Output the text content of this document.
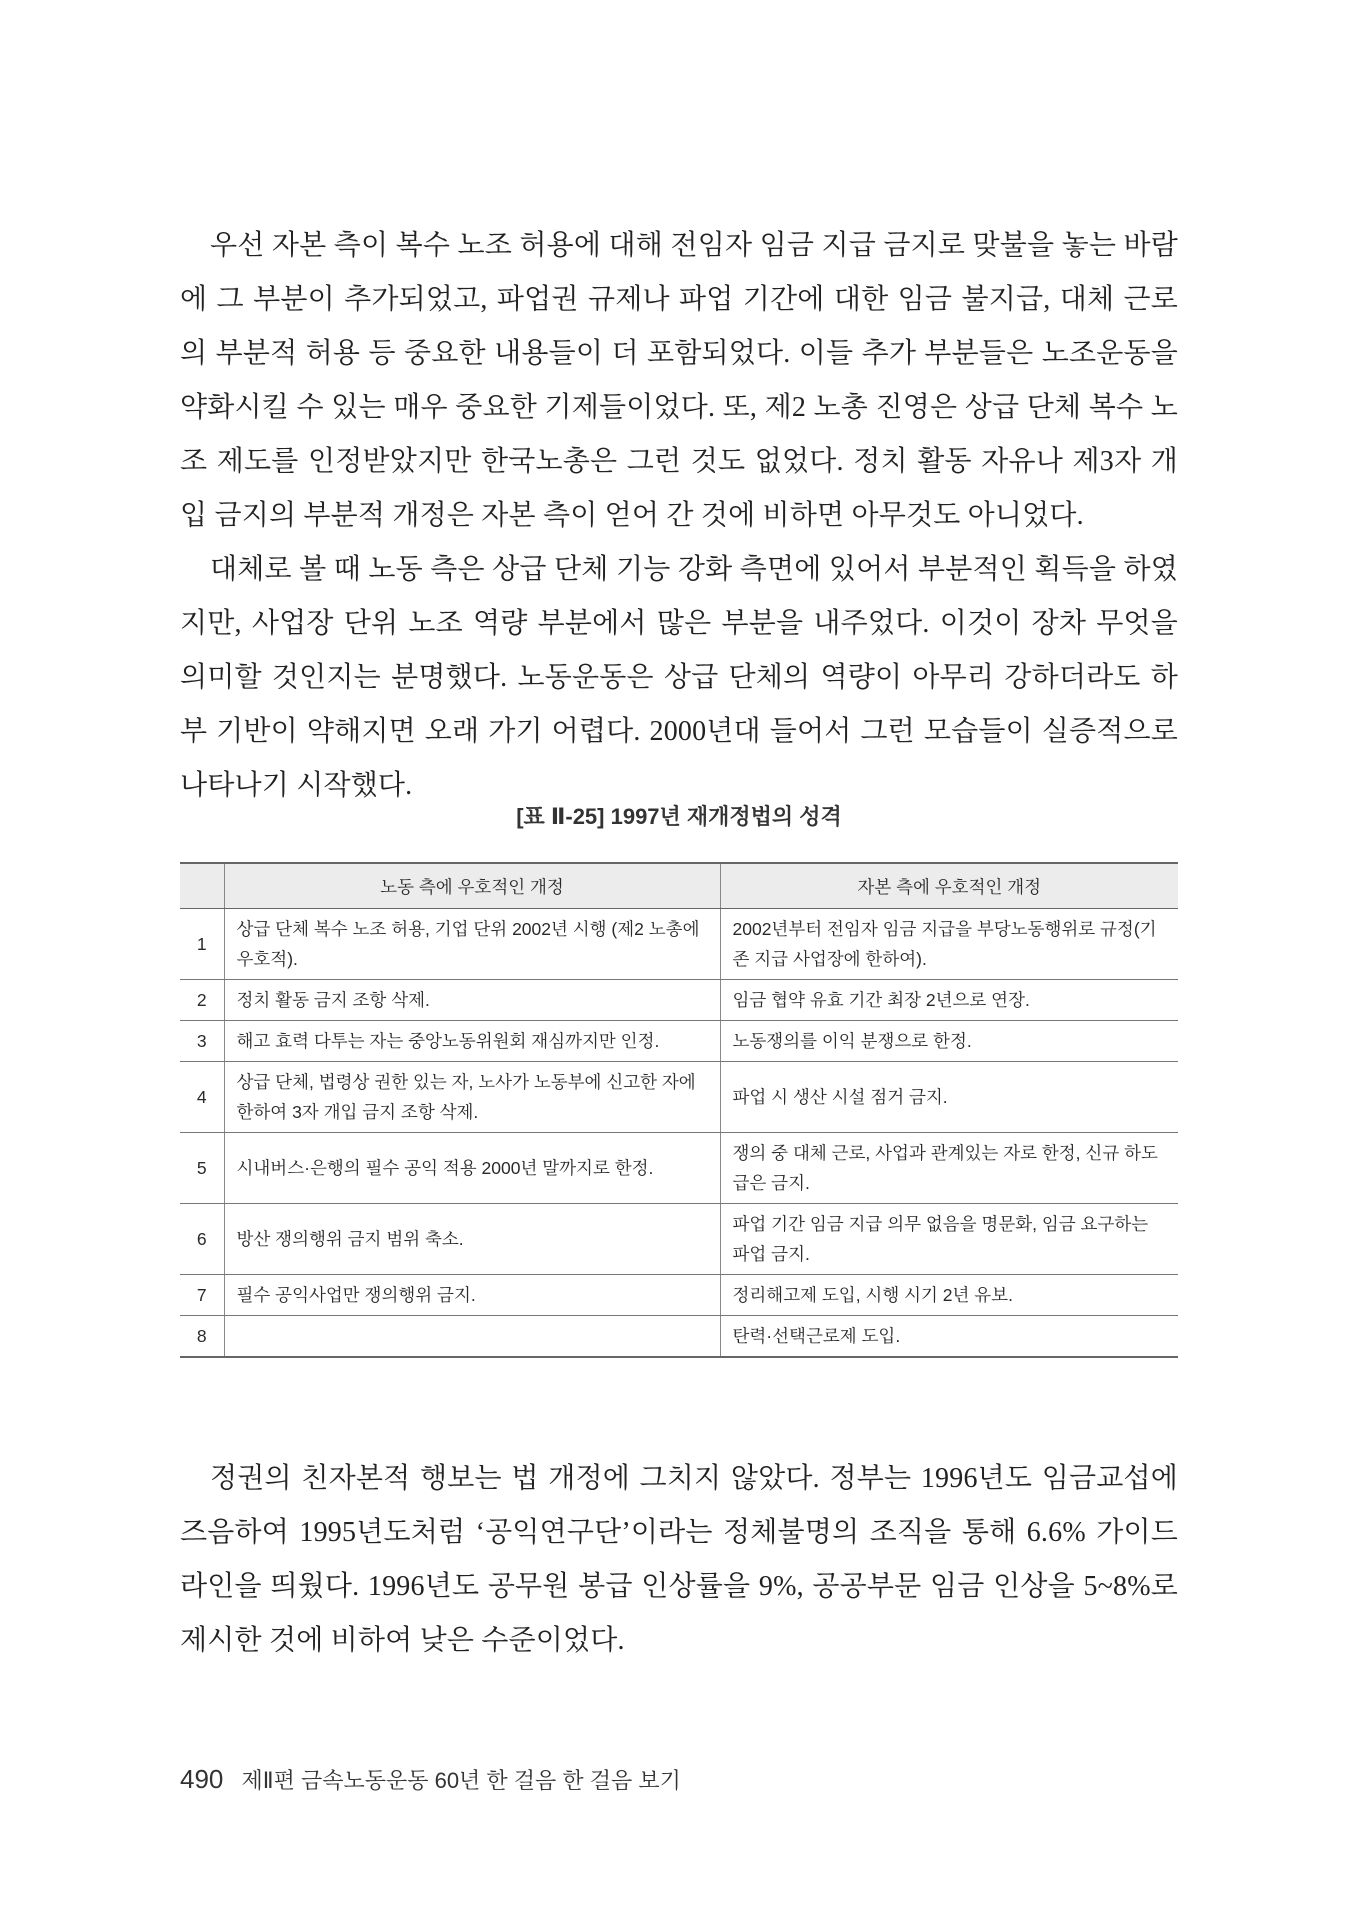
우선 자본 측이 복수 노조 허용에 대해 전임자 임금 지급 금지로 맞불을 놓는 바람에 그 부분이 추가되었고, 파업권 규제나 파업 기간에 대한 임금 불지급, 대체 근로의 부분적 허용 등 중요한 내용들이 더 포함되었다. 이들 추가 부분들은 노조운동을 약화시킬 수 있는 매우 중요한 기제들이었다. 또, 제2 노총 진영은 상급 단체 복수 노조 제도를 인정받았지만 한국노총은 그런 것도 없었다. 정치 활동 자유나 제3자 개입 금지의 부분적 개정은 자본 측이 얻어 간 것에 비하면 아무것도 아니었다.

대체로 볼 때 노동 측은 상급 단체 기능 강화 측면에 있어서 부분적인 획득을 하였지만, 사업장 단위 노조 역량 부분에서 많은 부분을 내주었다. 이것이 장차 무엇을 의미할 것인지는 분명했다. 노동운동은 상급 단체의 역량이 아무리 강하더라도 하부 기반이 약해지면 오래 가기 어렵다. 2000년대 들어서 그런 모습들이 실증적으로 나타나기 시작했다.

[표 Ⅱ-25] 1997년 재개정법의 성격
	노동 측에 우호적인 개정	자본 측에 우호적인 개정
1	상급 단체 복수 노조 허용, 기업 단위 2002년 시행 (제2 노총에 우호적).	2002년부터 전임자 임금 지급을 부당노동행위로 규정(기존 지급 사업장에 한하여).
2	정치 활동 금지 조항 삭제.	임금 협약 유효 기간 최장 2년으로 연장.
3	해고 효력 다투는 자는 중앙노동위원회 재심까지만 인정.	노동쟁의를 이익 분쟁으로 한정.
4	상급 단체, 법령상 권한 있는 자, 노사가 노동부에 신고한 자에 한하여 3자 개입 금지 조항 삭제.	파업 시 생산 시설 점거 금지.
5	시내버스·은행의 필수 공익 적용 2000년 말까지로 한정.	쟁의 중 대체 근로, 사업과 관계있는 자로 한정, 신규 하도급은 금지.
6	방산 쟁의행위 금지 범위 축소.	파업 기간 임금 지급 의무 없음을 명문화, 임금 요구하는 파업 금지.
7	필수 공익사업만 쟁의행위 금지.	정리해고제 도입, 시행 시기 2년 유보.
8		탄력·선택근로제 도입.

정권의 친자본적 행보는 법 개정에 그치지 않았다. 정부는 1996년도 임금교섭에 즈음하여 1995년도처럼 ‘공익연구단’이라는 정체불명의 조직을 통해 6.6% 가이드라인을 띄웠다. 1996년도 공무원 봉급 인상률을 9%, 공공부문 임금 인상을 5~8%로 제시한 것에 비하여 낮은 수준이었다.

490 제Ⅱ편 금속노동운동 60년 한 걸음 한 걸음 보기
